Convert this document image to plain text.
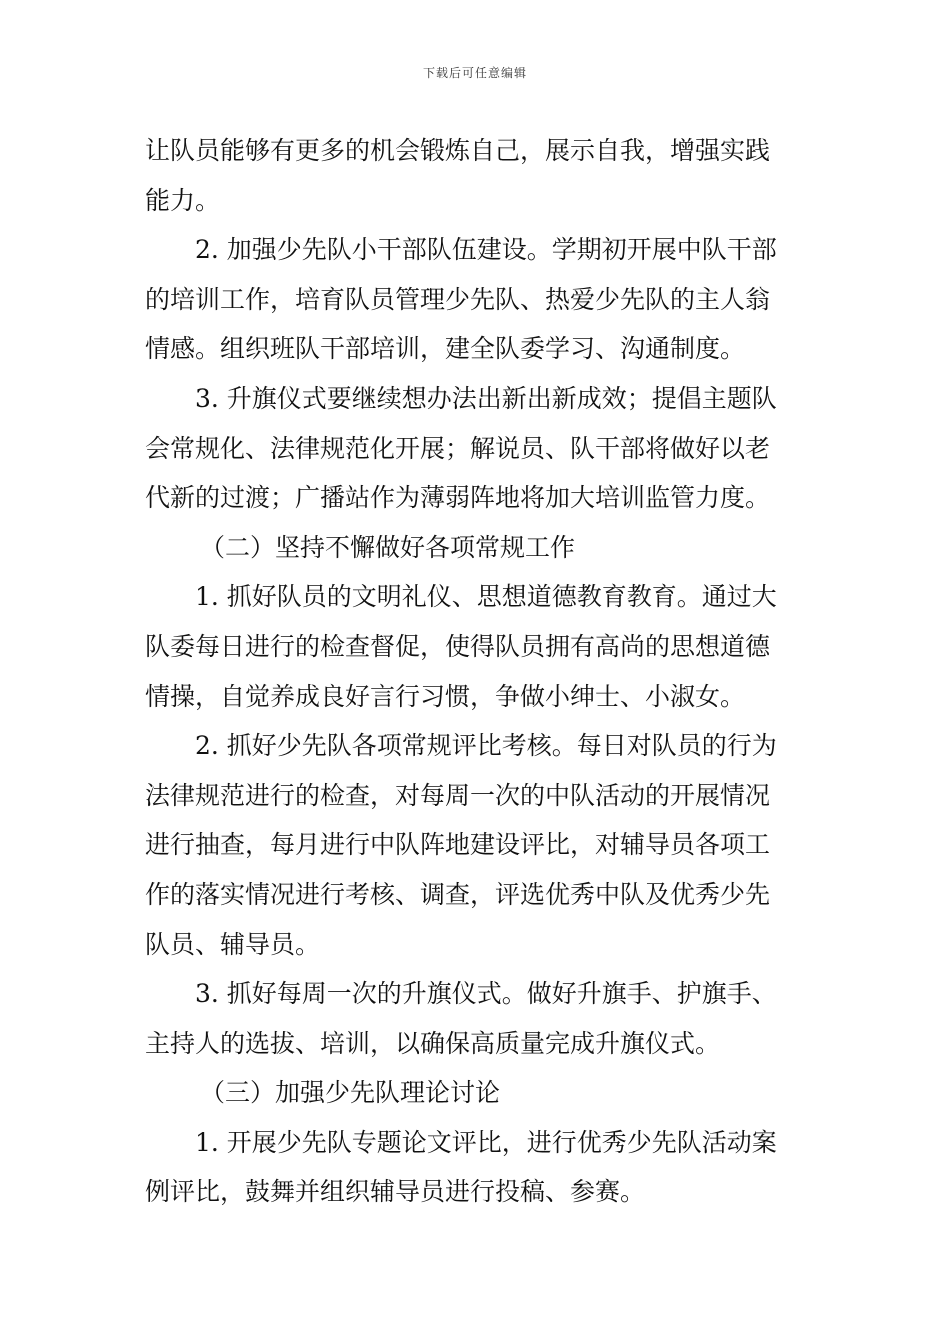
下载后可任意编辑
让队员能够有更多的机会锻炼自己，展示自我，增强实践
能力。
2. 加强少先队小干部队伍建设。学期初开展中队干部
的培训工作，培育队员管理少先队、热爱少先队的主人翁
情感。组织班队干部培训，建全队委学习、沟通制度。
3. 升旗仪式要继续想办法出新出新成效；提倡主题队
会常规化、法律规范化开展；解说员、队干部将做好以老
代新的过渡；广播站作为薄弱阵地将加大培训监管力度。
（二）坚持不懈做好各项常规工作
1. 抓好队员的文明礼仪、思想道德教育教育。通过大
队委每日进行的检查督促，使得队员拥有高尚的思想道德
情操，自觉养成良好言行习惯，争做小绅士、小淑女。
2. 抓好少先队各项常规评比考核。每日对队员的行为
法律规范进行的检查，对每周一次的中队活动的开展情况
进行抽查，每月进行中队阵地建设评比，对辅导员各项工
作的落实情况进行考核、调查，评选优秀中队及优秀少先
队员、辅导员。
3. 抓好每周一次的升旗仪式。做好升旗手、护旗手、
主持人的选拔、培训，以确保高质量完成升旗仪式。
（三）加强少先队理论讨论
1. 开展少先队专题论文评比，进行优秀少先队活动案
例评比，鼓舞并组织辅导员进行投稿、参赛。
